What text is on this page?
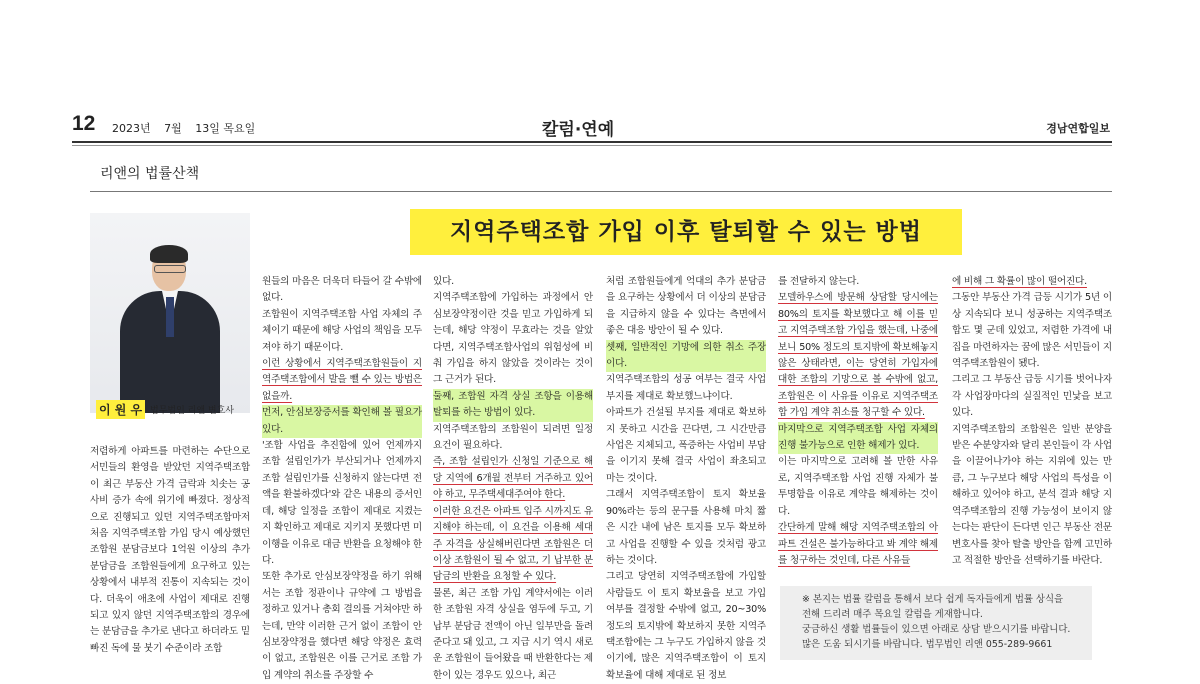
12 2023년 7월 13일 목요일	칼럼·연예	경남연합일보
리앤의 법률산책
지역주택조합 가입 이후 탈퇴할 수 있는 방법
이 원 우 법무법인 리앤 변호사

저렴하게 아파트를 마련하는 수단으로 서민들의 환영을 받았던 지역주택조합이 최근 부동산 가격 급락과 치솟는 공사비 증가 속에 위기에 빠졌다. 정상적으로 진행되고 있던 지역주택조합마저 처음 지역주택조합 가입 당시 예상했던 조합원 분담금보다 1억원 이상의 추가 분담금을 조합원들에게 요구하고 있는 상황에서 내부적 진통이 지속되는 것이다. 더욱이 애초에 사업이 제대로 진행되고 있지 않던 지역주택조합의 경우에는 분담금을 추가로 낸다고 하더라도 밑 빠진 독에 물 붓기 수준이라 조합

원들의 마음은 더욱더 타들어 갈 수밖에 없다.

조합원이 지역주택조합 사업 자체의 주체이기 때문에 해당 사업의 책임을 모두 져야 하기 때문이다.

이런 상황에서 지역주택조합원들이 지역주택조합에서 발을 뺄 수 있는 방법은 없을까.

먼저, 안심보장증서를 확인해 볼 필요가 있다.

'조합 사업을 추진함에 있어 언제까지 조합 설립인가가 부산되거나 언제까지 조합 설립인가를 신청하지 않는다면 전액을 환불하겠다'와 같은 내용의 증서인데, 해당 일정을 조합이 제대로 지켰는지 확인하고 제대로 지키지 못했다면 미이행을 이유로 대금 반환을 요청해야 한다.

또한 추가로 안심보장약정을 하기 위해서는 조합 정관이나 규약에 그 방법을 정하고 있거나 총회 결의를 거쳐야만 하는데, 만약 이러한 근거 없이 조합이 안심보장약정을 했다면 해당 약정은 효력이 없고, 조합원은 이를 근거로 조합 가입 계약의 취소를 주장할 수

있다.

지역주택조합에 가입하는 과정에서 안심보장약정이란 것을 믿고 가입하게 되는데, 해당 약정이 무효라는 것을 알았다면, 지역주택조합사업의 위험성에 비춰 가입을 하지 않았을 것이라는 것이 그 근거가 된다.

둘째, 조합원 자격 상실 조항을 이용해 탈퇴를 하는 방법이 있다.

지역주택조합의 조합원이 되려면 일정 요건이 필요하다.

즉, 조합 설립인가 신청일 기준으로 해당 지역에 6개월 전부터 거주하고 있어야 하고, 무주택세대주여야 한다.

이러한 요건은 아파트 입주 시까지도 유지해야 하는데, 이 요건을 이용해 세대주 자격을 상실해버린다면 조합원은 더 이상 조합원이 될 수 없고, 기 납부한 분담금의 반환을 요청할 수 있다.

물론, 최근 조합 가입 계약서에는 이러한 조합원 자격 상실을 염두에 두고, 기 납부 분담금 전액이 아닌 일부만을 돌려준다고 돼 있고, 그 지급 시기 역시 새로운 조합원이 들어왔을 때 반환한다는 제한이 있는 경우도 있으나, 최근

처럼 조합원들에게 억대의 추가 분담금을 요구하는 상황에서 더 이상의 분담금을 지급하지 않을 수 있다는 측면에서 좋은 대응 방안이 될 수 있다.

셋째, 일반적인 기망에 의한 취소 주장이다.

지역주택조합의 성공 여부는 결국 사업 부지를 제대로 확보했느냐이다.

아파트가 건설될 부지를 제대로 확보하지 못하고 시간을 끈다면, 그 시간만큼 사업은 지체되고, 폭증하는 사업비 부담을 이기지 못해 결국 사업이 좌초되고 마는 것이다.

그래서 지역주택조합이 토지 확보율 90%라는 등의 문구를 사용해 마치 짧은 시간 내에 남은 토지를 모두 확보하고 사업을 진행할 수 있을 것처럼 광고하는 것이다.

그리고 당연히 지역주택조합에 가입할 사람들도 이 토지 확보율을 보고 가입 여부를 결정할 수밖에 없고, 20~30% 정도의 토지밖에 확보하지 못한 지역주택조합에는 그 누구도 가입하지 않을 것이기에, 많은 지역주택조합이 이 토지 확보율에 대해 제대로 된 정보

를 전달하지 않는다.

모델하우스에 방문해 상담할 당시에는 80%의 토지를 확보했다고 해 이를 믿고 지역주택조합 가입을 했는데, 나중에 보니 50% 정도의 토지밖에 확보해놓지 않은 상태라면, 이는 당연히 가입자에 대한 조합의 기망으로 볼 수밖에 없고, 조합원은 이 사유를 이유로 지역주택조합 가입 계약 취소를 청구할 수 있다.

마지막으로 지역주택조합 사업 자체의 진행 불가능으로 인한 해제가 있다.

이는 마지막으로 고려해 볼 만한 사유로, 지역주택조합 사업 진행 자체가 불투명함을 이유로 계약을 해제하는 것이다.

간단하게 말해 해당 지역주택조합의 아파트 건설은 불가능하다고 봐 계약 해제를 청구하는 것인데, 다른 사유들

에 비해 그 확률이 많이 떨어진다.

그동안 부동산 가격 급등 시기가 5년 이상 지속되다 보니 성공하는 지역주택조합도 몇 군데 있었고, 저렴한 가격에 내 집을 마련하자는 꿈에 많은 서민들이 지역주택조합원이 됐다.

그리고 그 부동산 급등 시기를 벗어나자 각 사업장마다의 실질적인 민낯을 보고 있다.

지역주택조합의 조합원은 일반 분양을 받은 수분양자와 달리 본인들이 각 사업을 이끌어나가야 하는 지위에 있는 만큼, 그 누구보다 해당 사업의 특성을 이해하고 있어야 하고, 분석 결과 해당 지역주택조합의 진행 가능성이 보이지 않는다는 판단이 든다면 인근 부동산 전문 변호사를 찾아 탈출 방안을 함께 고민하고 적절한 방안을 선택하기를 바란다.

※ 본지는 법률 칼럼을 통해서 보다 쉽게 독자들에게 법률 상식을

전해 드리려 매주 목요일 칼럼을 게재합니다.

궁금하신 생활 법률들이 있으면 아래로 상담 받으시기를 바랍니다.

많은 도움 되시기를 바랍니다. 법무법인 리앤 055-289-9661
